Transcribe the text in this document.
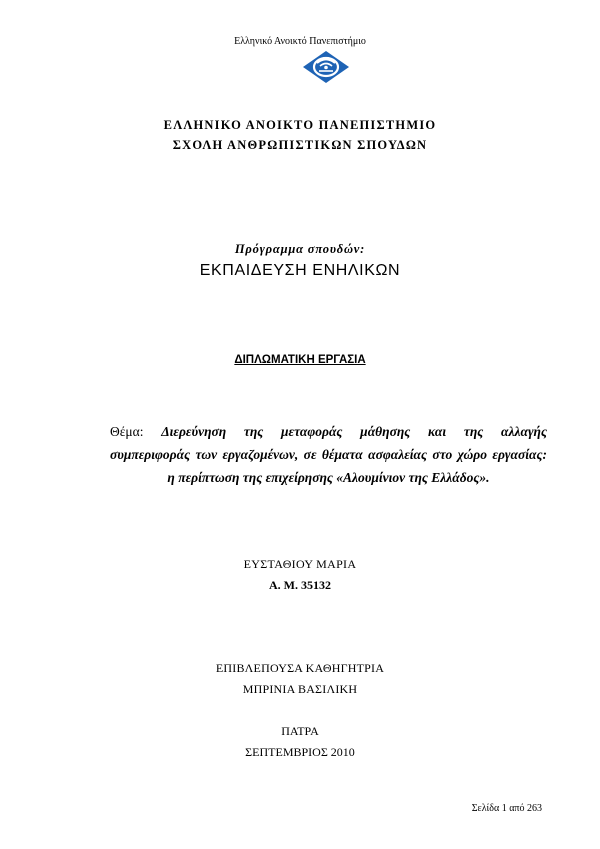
Ελληνικό Ανοικτό Πανεπιστήμιο
ΕΛΛΗΝΙΚΟ ΑΝΟΙΚΤΟ ΠΑΝΕΠΙΣΤΗΜΙΟ
ΣΧΟΛΗ ΑΝΘΡΩΠΙΣΤΙΚΩΝ ΣΠΟΥΔΩΝ
Πρόγραμμα σπουδών:
ΕΚΠΑΙΔΕΥΣΗ ΕΝΗΛΙΚΩΝ
ΔΙΠΛΩΜΑΤΙΚΗ ΕΡΓΑΣΙΑ
Θέμα: Διερεύνηση της μεταφοράς μάθησης και της αλλαγής
συμπεριφοράς των εργαζομένων, σε θέματα ασφαλείας στο χώρο εργασίας:
η περίπτωση της επιχείρησης «Αλουμίνιον της Ελλάδος».
ΕΥΣΤΑΘΙΟΥ ΜΑΡΙΑ
Α. Μ. 35132
ΕΠΙΒΛΕΠΟΥΣΑ ΚΑΘΗΓΗΤΡΙΑ
ΜΠΡΙΝΙΑ ΒΑΣΙΛΙΚΗ
ΠΑΤΡΑ
ΣΕΠΤΕΜΒΡΙΟΣ 2010
Σελίδα 1 από 263
